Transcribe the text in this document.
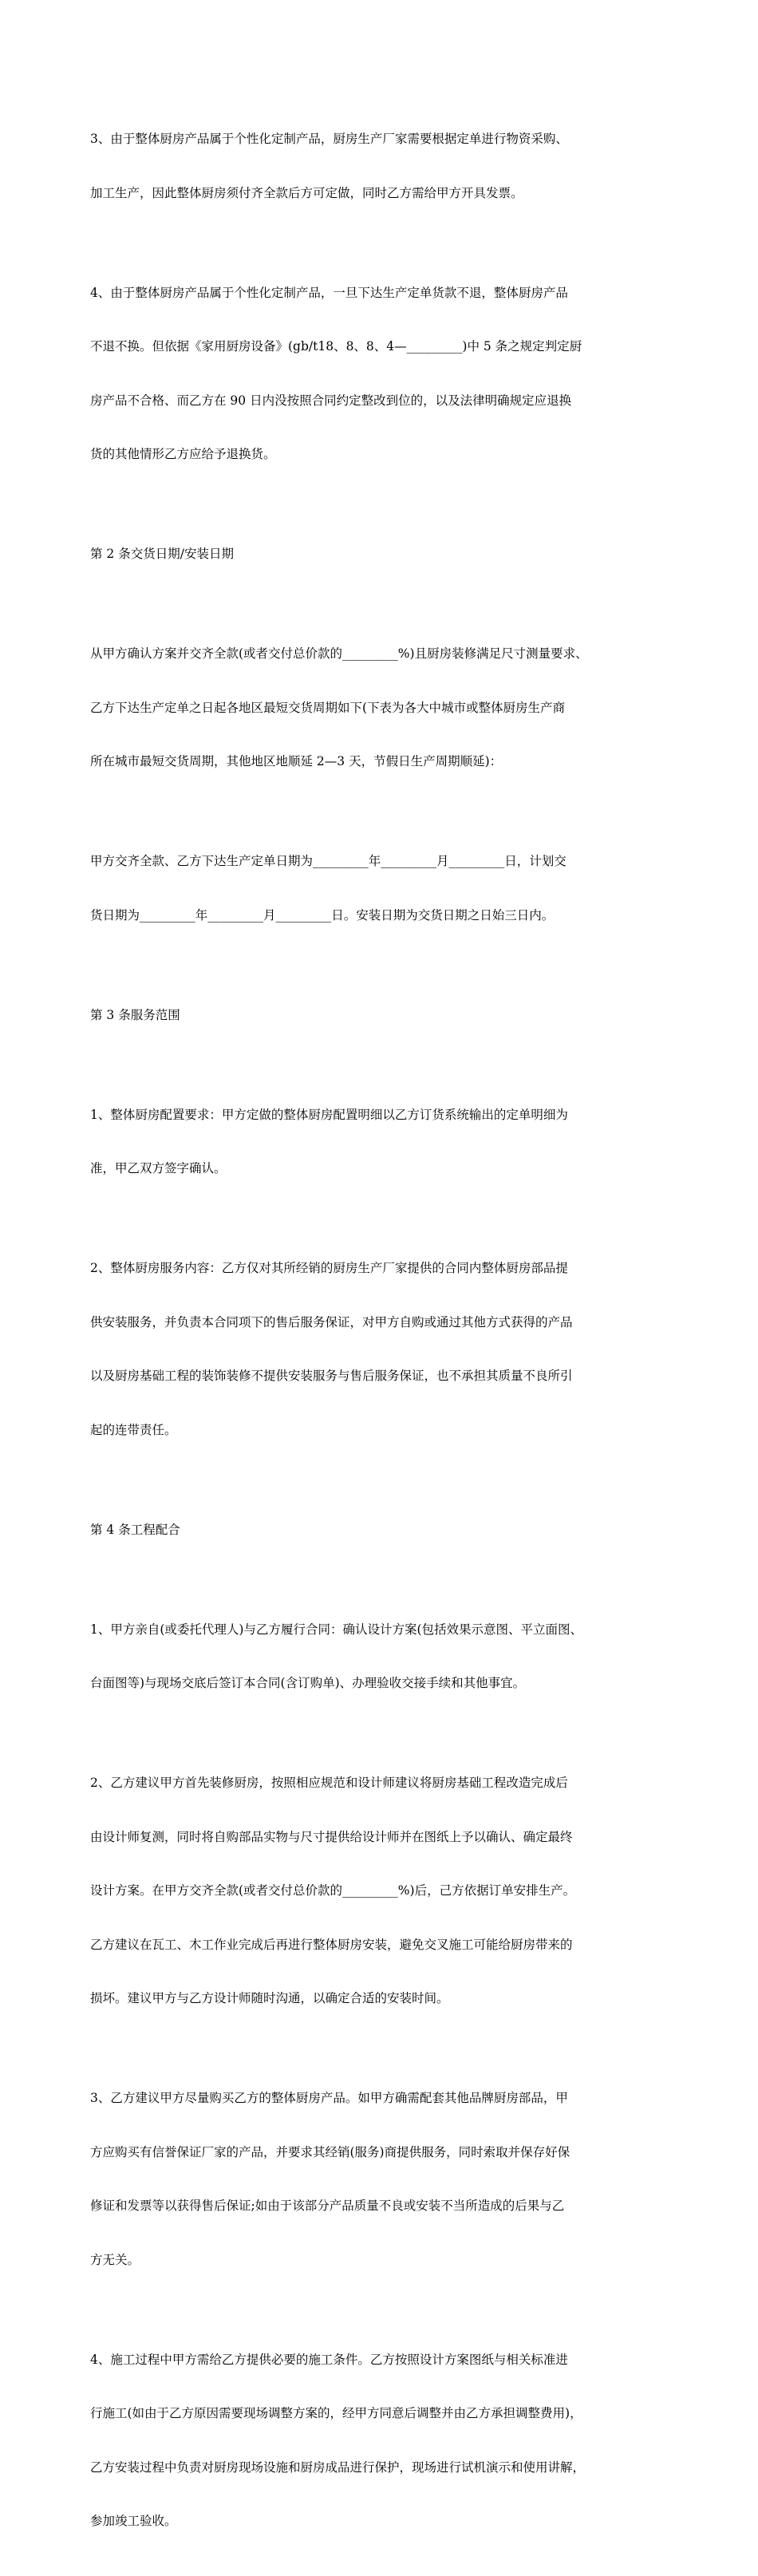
3、由于整体厨房产品属于个性化定制产品，厨房生产厂家需要根据定单进行物资采购、

加工生产，因此整体厨房须付齐全款后方可定做，同时乙方需给甲方开具发票。

4、由于整体厨房产品属于个性化定制产品，一旦下达生产定单货款不退，整体厨房产品

不退不换。但依据《家用厨房设备》(gb/t18、8、8、4—_________)中 5 条之规定判定厨

房产品不合格、而乙方在 90 日内没按照合同约定整改到位的，以及法律明确规定应退换

货的其他情形乙方应给予退换货。

第 2 条交货日期/安装日期

从甲方确认方案并交齐全款(或者交付总价款的_________%)且厨房装修满足尺寸测量要求、

乙方下达生产定单之日起各地区最短交货周期如下(下表为各大中城市或整体厨房生产商

所在城市最短交货周期，其他地区地顺延 2—3 天，节假日生产周期顺延)：

甲方交齐全款、乙方下达生产定单日期为_________年_________月_________日，计划交

货日期为_________年_________月_________日。安装日期为交货日期之日始三日内。

第 3 条服务范围

1、整体厨房配置要求：甲方定做的整体厨房配置明细以乙方订货系统输出的定单明细为

准，甲乙双方签字确认。

2、整体厨房服务内容：乙方仅对其所经销的厨房生产厂家提供的合同内整体厨房部品提

供安装服务，并负责本合同项下的售后服务保证，对甲方自购或通过其他方式获得的产品

以及厨房基础工程的装饰装修不提供安装服务与售后服务保证，也不承担其质量不良所引

起的连带责任。

第 4 条工程配合

1、甲方亲自(或委托代理人)与乙方履行合同：确认设计方案(包括效果示意图、平立面图、

台面图等)与现场交底后签订本合同(含订购单)、办理验收交接手续和其他事宜。

2、乙方建议甲方首先装修厨房，按照相应规范和设计师建议将厨房基础工程改造完成后

由设计师复测，同时将自购部品实物与尺寸提供给设计师并在图纸上予以确认、确定最终

设计方案。在甲方交齐全款(或者交付总价款的_________%)后，己方依据订单安排生产。

乙方建议在瓦工、木工作业完成后再进行整体厨房安装，避免交叉施工可能给厨房带来的

损坏。建议甲方与乙方设计师随时沟通，以确定合适的安装时间。

3、乙方建议甲方尽量购买乙方的整体厨房产品。如甲方确需配套其他品牌厨房部品，甲

方应购买有信誉保证厂家的产品，并要求其经销(服务)商提供服务，同时索取并保存好保

修证和发票等以获得售后保证;如由于该部分产品质量不良或安装不当所造成的后果与乙

方无关。

4、施工过程中甲方需给乙方提供必要的施工条件。乙方按照设计方案图纸与相关标准进

行施工(如由于乙方原因需要现场调整方案的，经甲方同意后调整并由乙方承担调整费用)，

乙方安装过程中负责对厨房现场设施和厨房成品进行保护，现场进行试机演示和使用讲解，

参加竣工验收。
